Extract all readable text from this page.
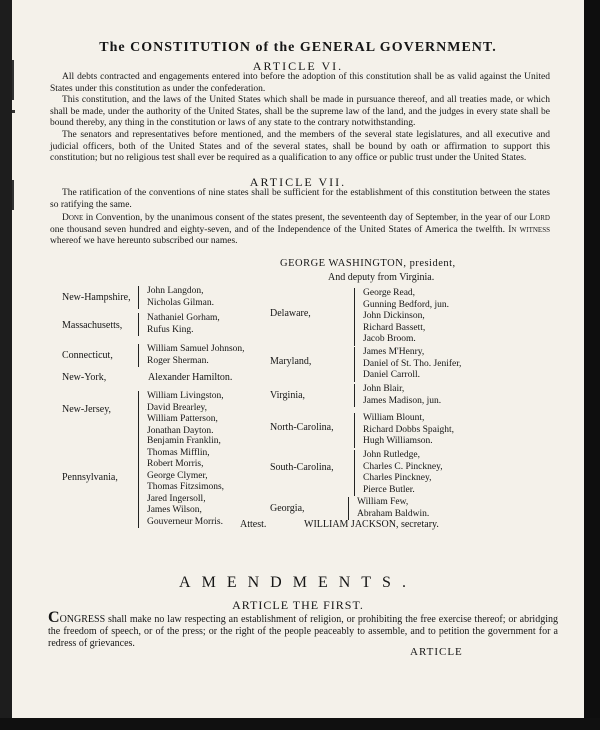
The CONSTITUTION of the GENERAL GOVERNMENT.
ARTICLE VI.
All debts contracted and engagements entered into before the adoption of this constitution shall be as valid against the United States under this constitution as under the confederation.
This constitution, and the laws of the United States which shall be made in pursuance thereof, and all treaties made, or which shall be made, under the authority of the United States, shall be the supreme law of the land, and the judges in every state shall be bound thereby, any thing in the constitution or laws of any state to the contrary notwithstanding.
The senators and representatives before mentioned, and the members of the several state legislatures, and all executive and judicial officers, both of the United States and of the several states, shall be bound by oath or affirmation to support this constitution; but no religious test shall ever be required as a qualification to any office or public trust under the United States.
ARTICLE VII.
The ratification of the conventions of nine states shall be sufficient for the establishment of this constitution between the states so ratifying the same.
Done in Convention, by the unanimous consent of the states present, the seventeenth day of September, in the year of our Lord one thousand seven hundred and eighty-seven, and of the Independence of the United States of America the twelfth. In witness whereof we have hereunto subscribed our names.
GEORGE WASHINGTON, president,
And deputy from Virginia.
New-Hampshire,
John Langdon,
Nicholas Gilman.
Massachusetts,
Nathaniel Gorham,
Rufus King.
Connecticut,
William Samuel Johnson,
Roger Sherman.
New-York,	Alexander Hamilton.
New-Jersey,
William Livingston,
David Brearley,
William Patterson,
Jonathan Dayton.
Pennsylvania,
Benjamin Franklin,
Thomas Mifflin,
Robert Morris,
George Clymer,
Thomas Fitzsimons,
Jared Ingersoll,
James Wilson,
Gouverneur Morris.
Delaware,
George Read,
Gunning Bedford, jun.
John Dickinson,
Richard Bassett,
Jacob Broom.
Maryland,
James M'Henry,
Daniel of St. Tho. Jenifer,
Daniel Carroll.
Virginia,
John Blair,
James Madison, jun.
North-Carolina,
William Blount,
Richard Dobbs Spaight,
Hugh Williamson.
South-Carolina,
John Rutledge,
Charles C. Pinckney,
Charles Pinckney,
Pierce Butler.
Georgia,
William Few,
Abraham Baldwin.
Attest.	WILLIAM JACKSON, secretary.
AMENDMENTS.
ARTICLE THE FIRST.
CONGRESS shall make no law respecting an establishment of religion, or prohibiting the free exercise thereof; or abridging the freedom of speech, or of the press; or the right of the people peaceably to assemble, and to petition the government for a redress of grievances.
ARTICLE
